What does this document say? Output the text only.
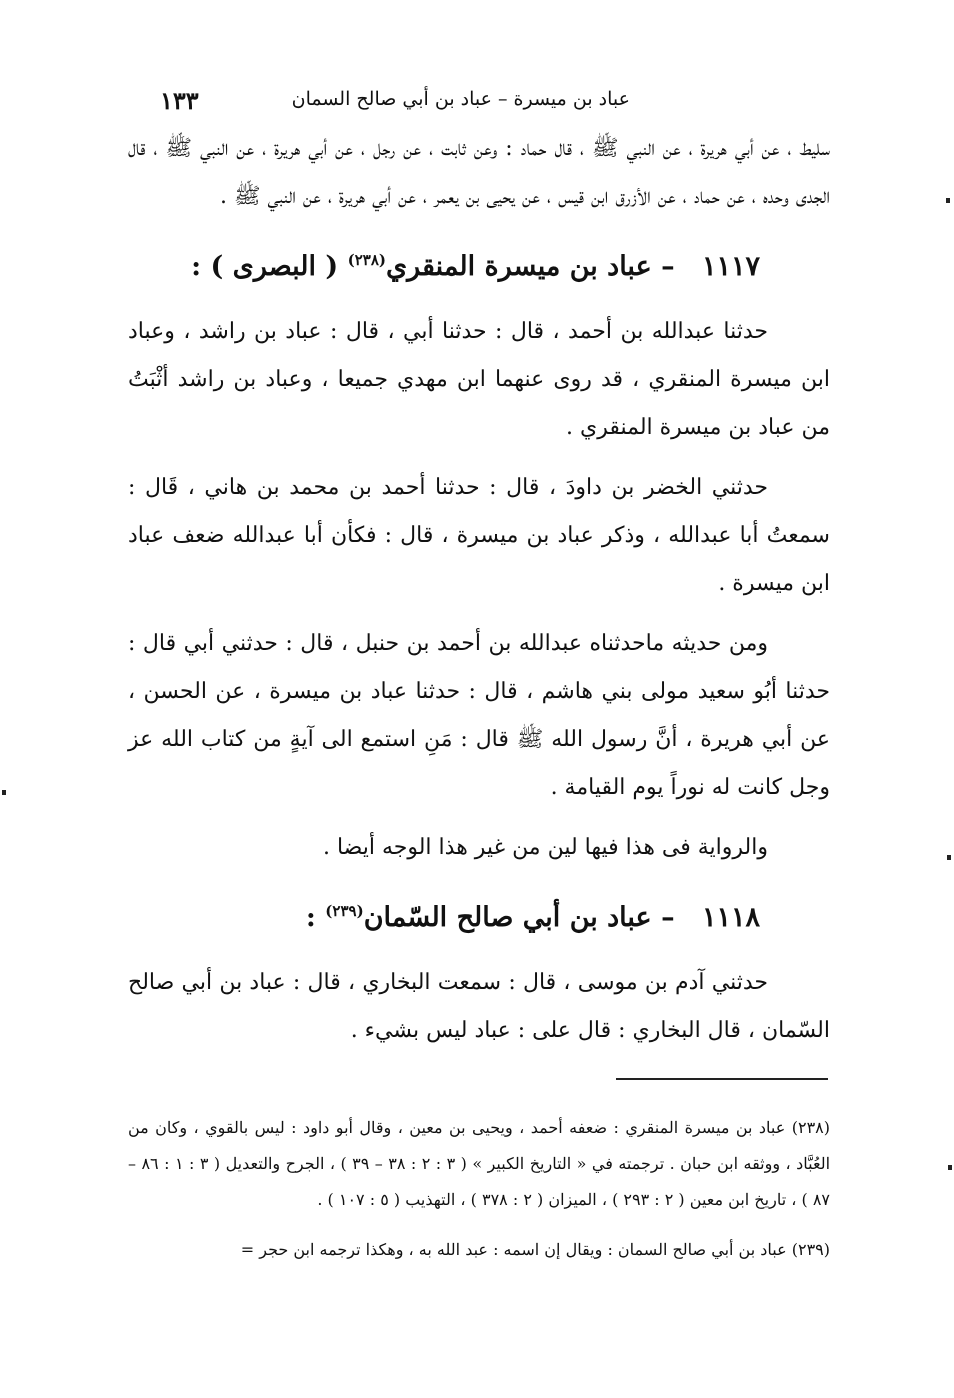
عباد بن ميسرة – عباد بن أبي صالح السمان
١٣٣

سليط ، عن أبي هريرة ، عن النبي ﷺ ، قال حماد : وعن ثابت ، عن رجل ، عن أبي هريرة ، عن النبي ﷺ ، قال الجدى وحده ، عن حماد ، عن الأزرق ابن قيس ، عن يحيى بن يعمر ، عن أبي هريرة ، عن النبي ﷺ .

١١١٧ – عباد بن ميسرة المنقري$^{(٢٣٨)}$ ( البصرى ) :

حدثنا عبدالله بن أحمد ، قال : حدثنا أبي ، قال : عباد بن راشد ، وعباد ابن ميسرة المنقري ، قد روى عنهما ابن مهدي جميعا ، وعباد بن راشد أثْبَتُ من عباد بن ميسرة المنقري .

حدثني الخضر بن داودَ ، قال : حدثنا أحمد بن محمد بن هاني ، قَال : سمعتُ أبا عبدالله ، وذكر عباد بن ميسرة ، قال : فكأن أبا عبدالله ضعف عباد ابن ميسرة .

ومن حديثه ماحدثناه عبدالله بن أحمد بن حنبل ، قال : حدثني أبي قال : حدثنا أبُو سعيد مولى بني هاشم ، قال : حدثنا عباد بن ميسرة ، عن الحسن ، عن أبي هريرة ، أنَّ رسول الله ﷺ قال : مَنِ استمع الى آيةٍ من كتاب الله عز وجل كانت له نوراً يوم القيامة .

والرواية فى هذا فيها لين من غير هذا الوجه أيضا .

١١١٨ – عباد بن أبي صالح السّمان$^{(٢٣٩)}$ :

حدثني آدم بن موسى ، قال : سمعت البخاري ، قال : عباد بن أبي صالح السّمان ، قال البخاري : قال على : عباد ليس بشيء .

(٢٣٨) عباد بن ميسرة المنقري : ضعفه أحمد ، ويحيى بن معين ، وقال أبو داود : ليس بالقوي ، وكان من العُبَّاد ، ووثقه ابن حبان . ترجمته في « التاريخ الكبير » ( ٣ : ٢ : ٣٨ – ٣٩ ) ، الجرح والتعديل ( ٣ : ١ : ٨٦ – ٨٧ ) ، تاريخ ابن معين ( ٢ : ٢٩٣ ) ، الميزان ( ٢ : ٣٧٨ ) ، التهذيب ( ٥ : ١٠٧ ) .

(٢٣٩) عباد بن أبي صالح السمان : ويقال إن اسمه : عبد الله به ، وهكذا ترجمه ابن حجر =
